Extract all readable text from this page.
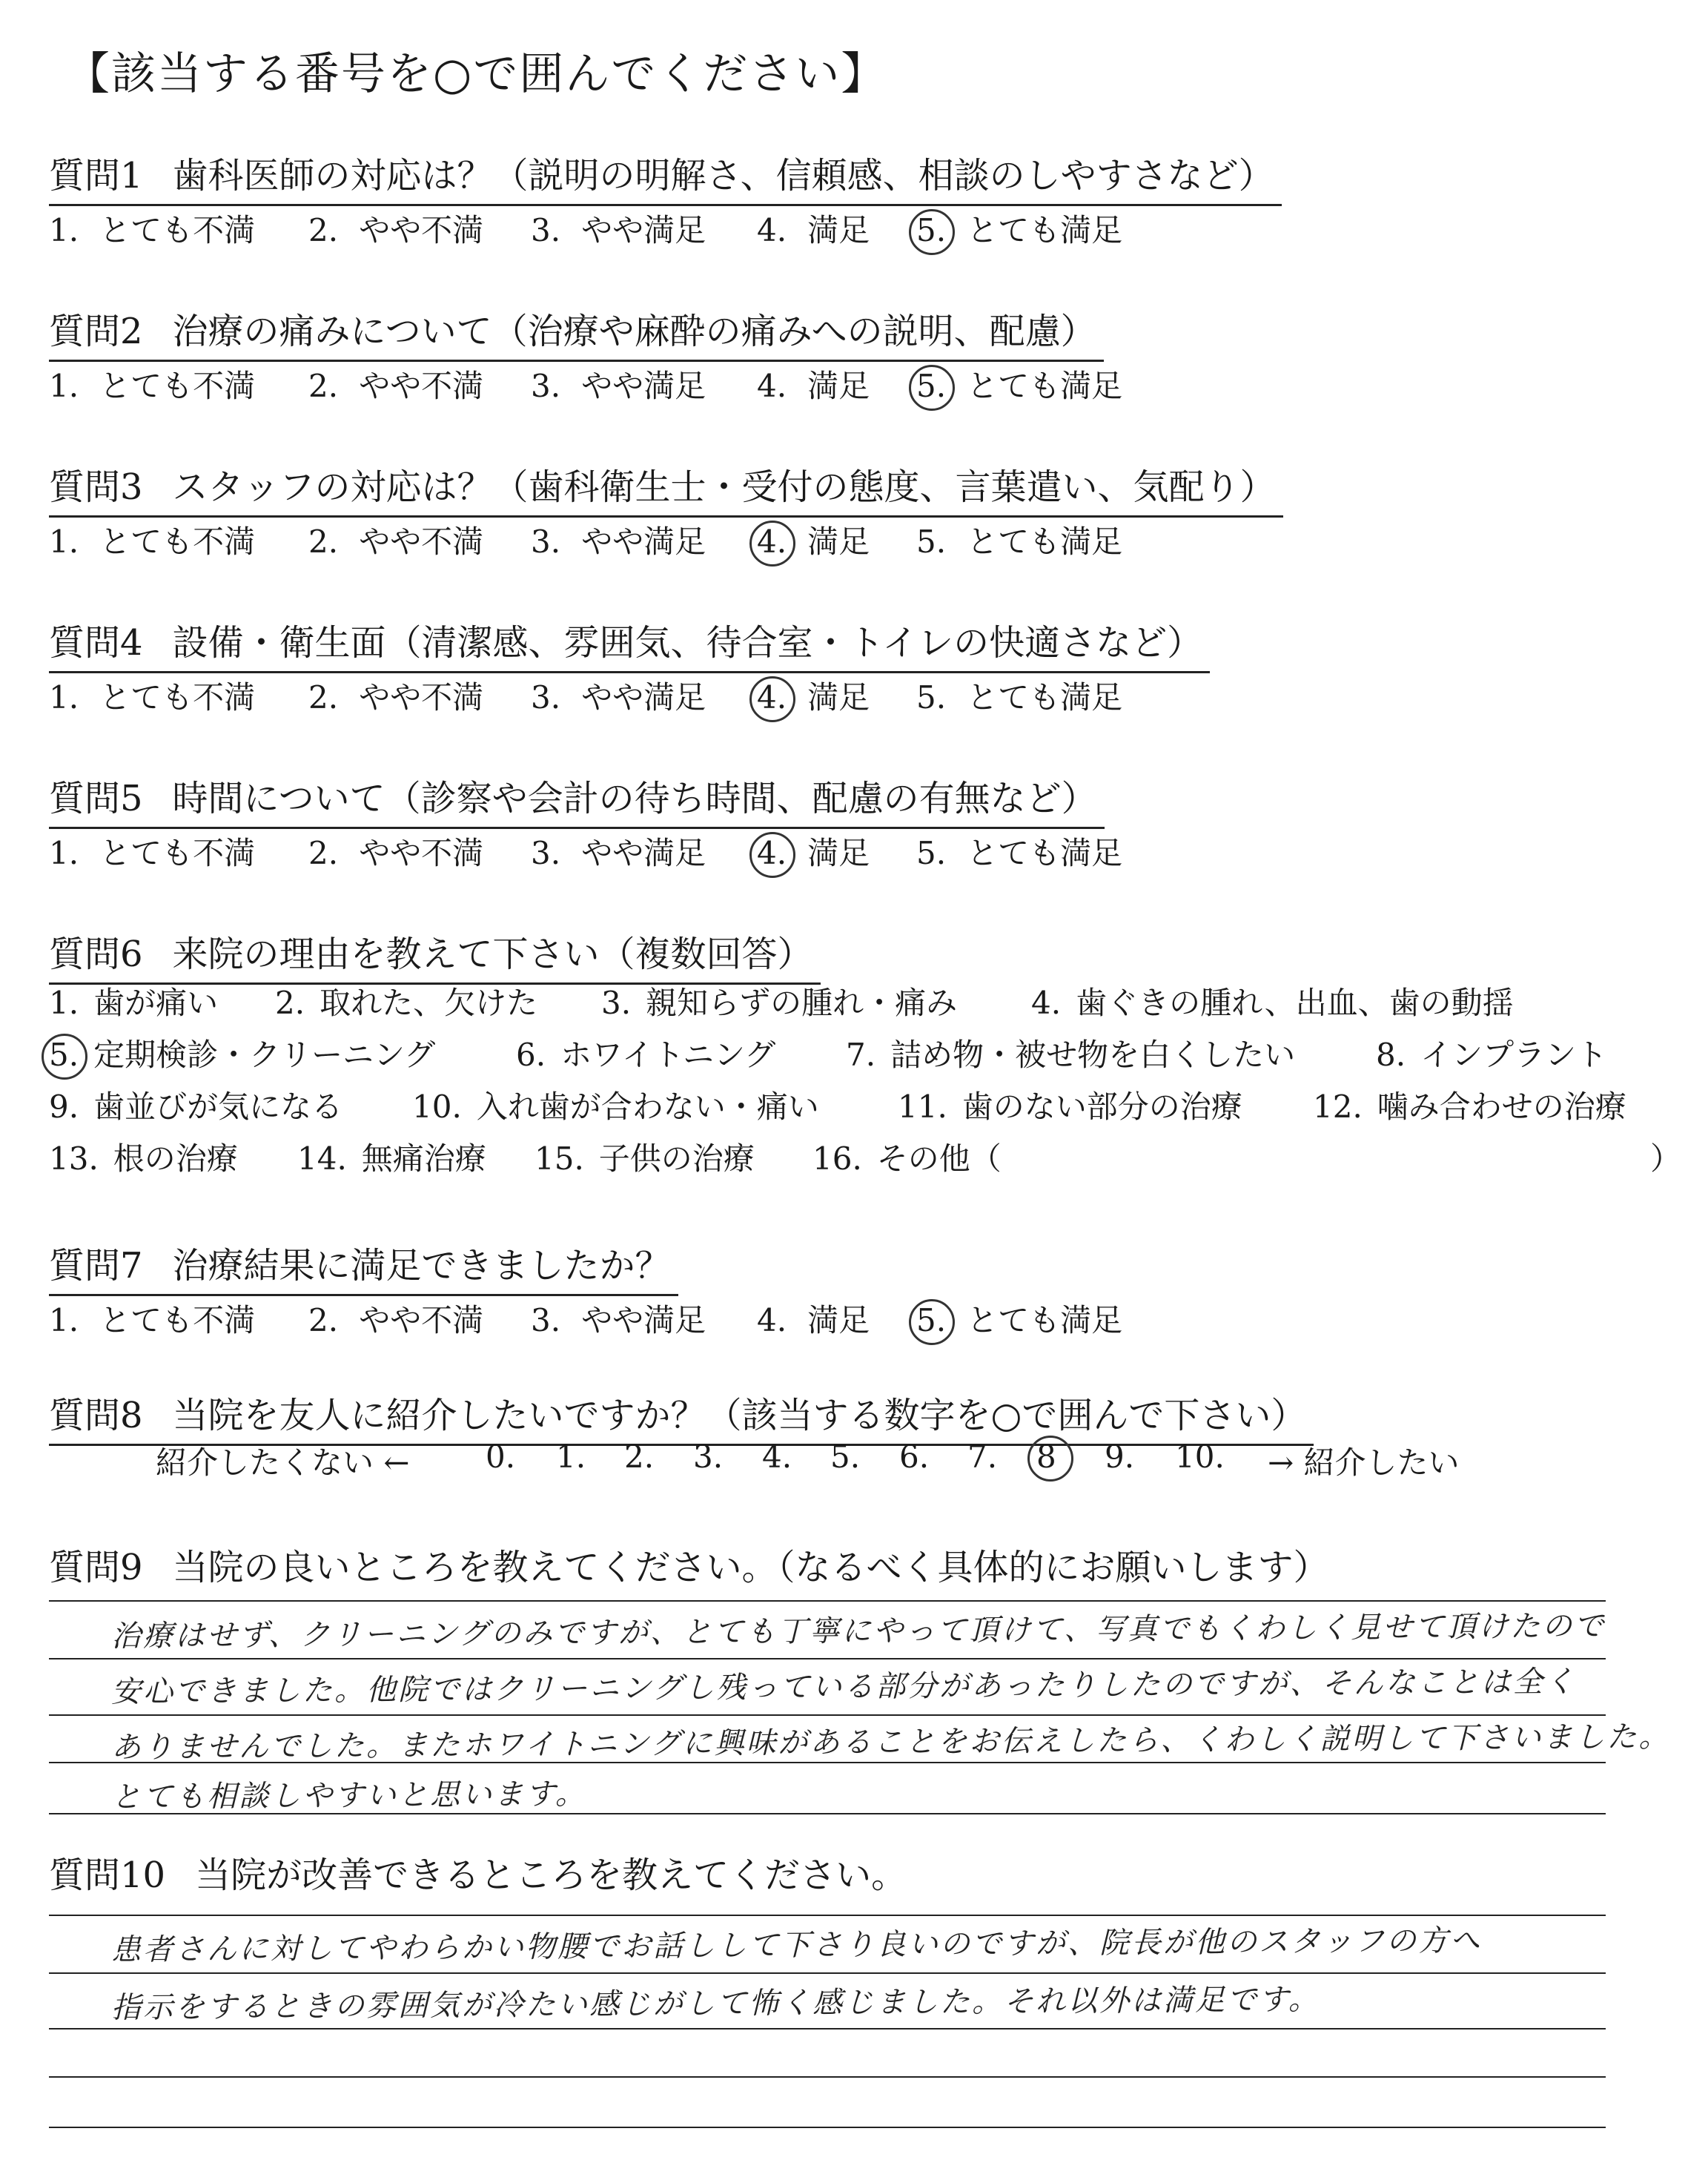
【該当する番号を○で囲んでください】
質問1 歯科医師の対応は？（説明の明解さ、信頼感、相談のしやすさなど）
1. とても不満 2. やや不満 3. やや満足 4. 満足 5. とても満足
質問2 治療の痛みについて（治療や麻酔の痛みへの説明、配慮）
1. とても不満 2. やや不満 3. やや満足 4. 満足 5. とても満足
質問3 スタッフの対応は？（歯科衛生士・受付の態度、言葉遣い、気配り）
1. とても不満 2. やや不満 3. やや満足 4. 満足 5. とても満足
質問4 設備・衛生面（清潔感、雰囲気、待合室・トイレの快適さなど）
1. とても不満 2. やや不満 3. やや満足 4. 満足 5. とても満足
質問5 時間について（診察や会計の待ち時間、配慮の有無など）
1. とても不満 2. やや不満 3. やや満足 4. 満足 5. とても満足
質問6 来院の理由を教えて下さい（複数回答）
1. 歯が痛い 2. 取れた、欠けた 3. 親知らずの腫れ・痛み 4. 歯ぐきの腫れ、出血、歯の動揺
5. 定期検診・クリーニング	6. ホワイトニング 7. 詰め物・被せ物を白くしたい	8. インプラント
9. 歯並びが気になる 10. 入れ歯が合わない・痛い	11. 歯のない部分の治療 12. 噛み合わせの治療
13. 根の治療 14. 無痛治療 15. 子供の治療 16. その他（	）
質問7 治療結果に満足できましたか？
1. とても不満 2. やや不満 3. やや満足 4. 満足 5. とても満足
質問8 当院を友人に紹介したいですか？（該当する数字を○で囲んで下さい）
紹介したくない ← 0. 1. 2. 3. 4. 5. 6. 7. 8 9. 10. → 紹介したい
質問9 当院の良いところを教えてください。（なるべく具体的にお願いします）
治療はせず、クリーニングのみですが、とても丁寧にやって頂けて、写真でもくわしく見せて頂けたので
安心できました。他院ではクリーニングし残っている部分があったりしたのですが、そんなことは全く
ありませんでした。またホワイトニングに興味があることをお伝えしたら、くわしく説明して下さいました。
とても相談しやすいと思います。
質問10 当院が改善できるところを教えてください。
患者さんに対してやわらかい物腰でお話しして下さり良いのですが、院長が他のスタッフの方へ
指示をするときの雰囲気が冷たい感じがして怖く感じました。それ以外は満足です。
